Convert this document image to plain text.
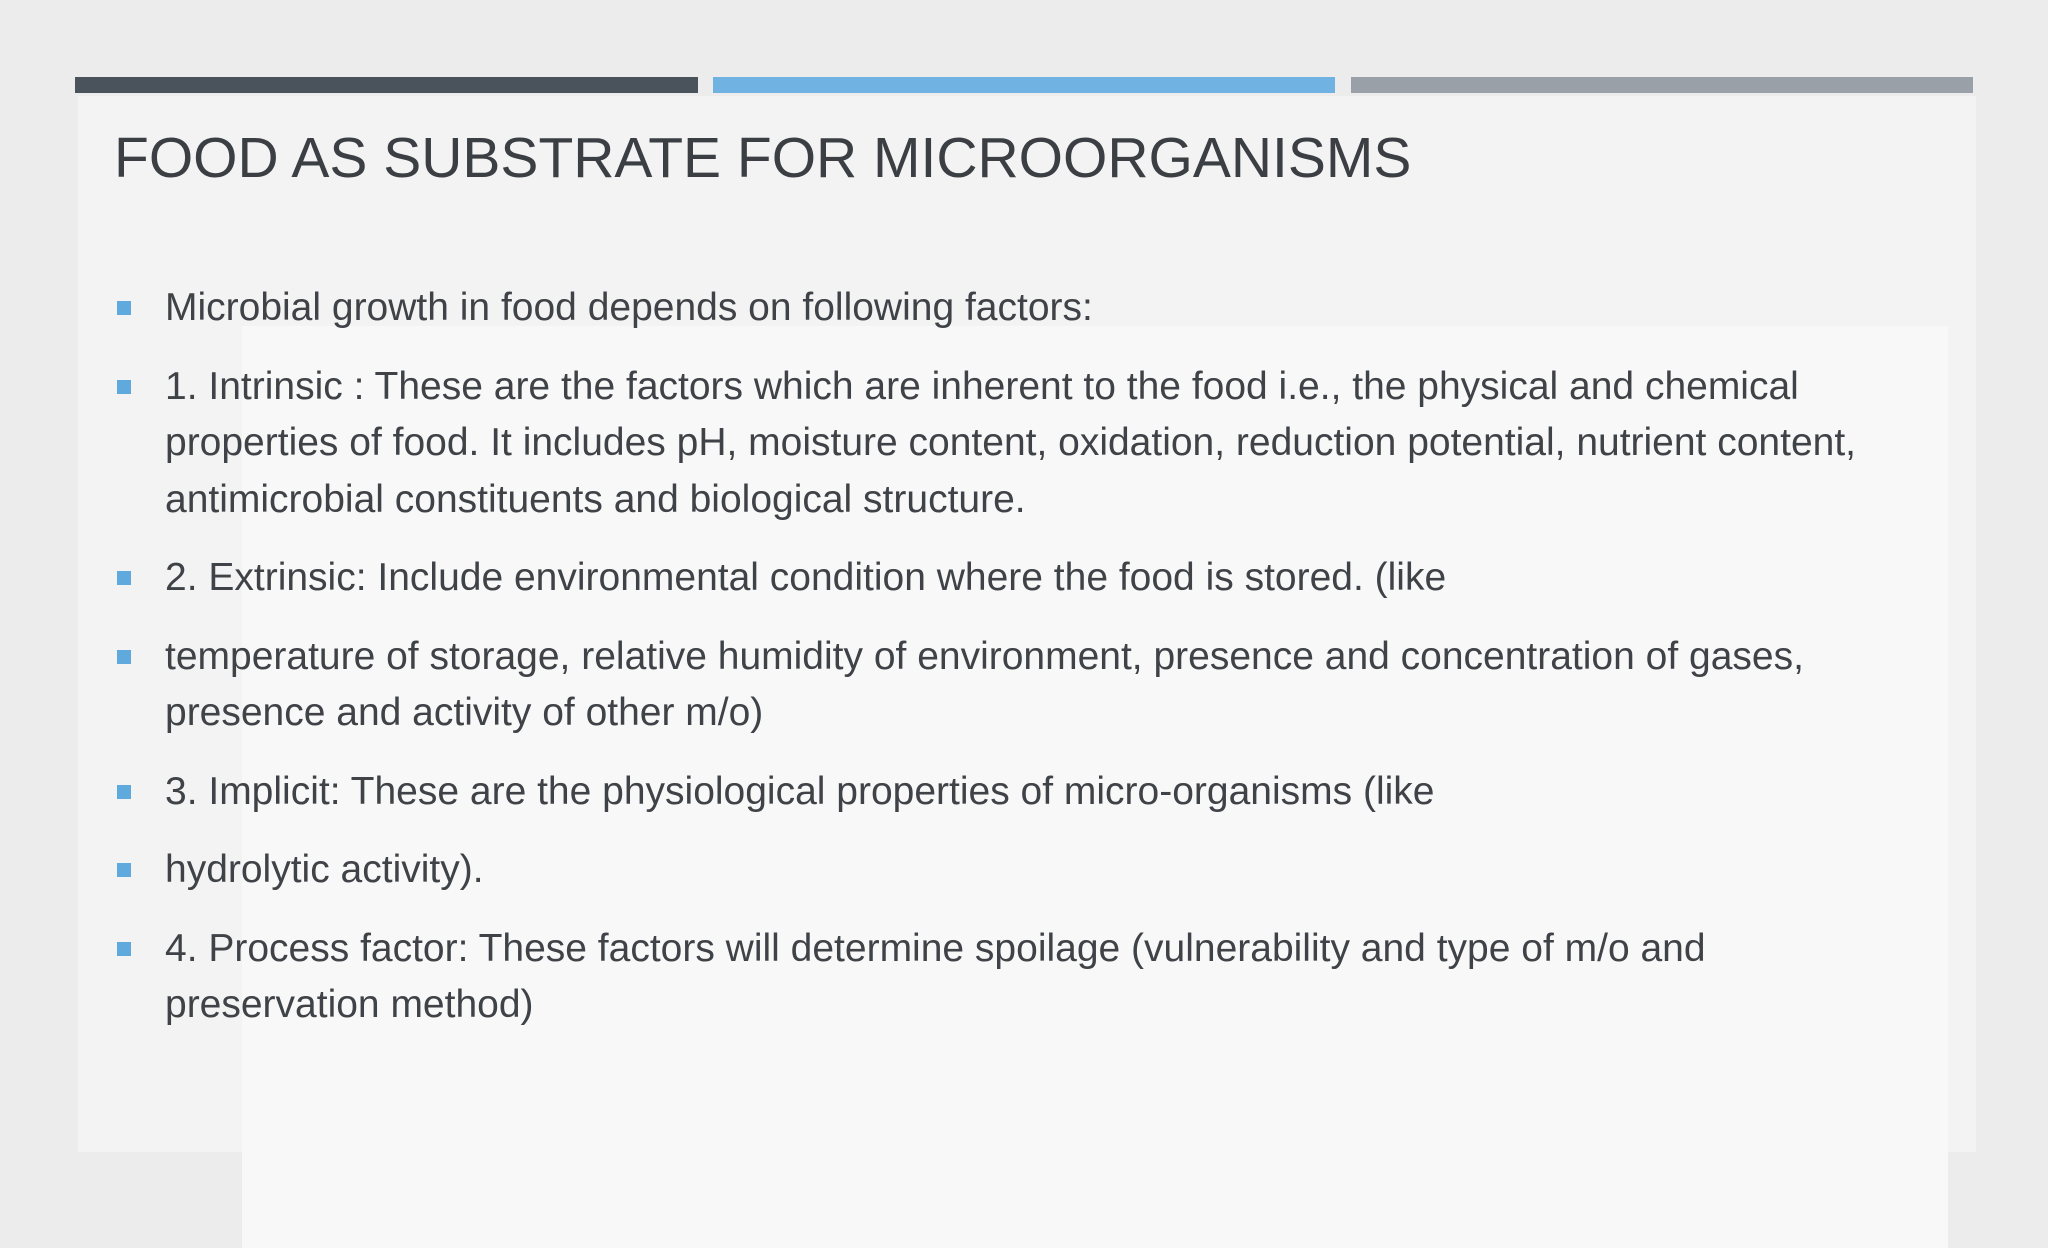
FOOD AS SUBSTRATE FOR MICROORGANISMS
Microbial growth in food depends on following factors:
1. Intrinsic : These are the factors which are inherent to the food i.e., the physical and chemical properties of food. It includes pH, moisture content, oxidation, reduction potential, nutrient content, antimicrobial constituents and biological structure.
2. Extrinsic: Include environmental condition where the food is stored. (like
temperature of storage, relative humidity of environment, presence and concentration of gases, presence and activity of other m/o)
3. Implicit: These are the physiological properties of micro-organisms (like
hydrolytic activity).
4. Process factor: These factors will determine spoilage (vulnerability and type of m/o and preservation method)
